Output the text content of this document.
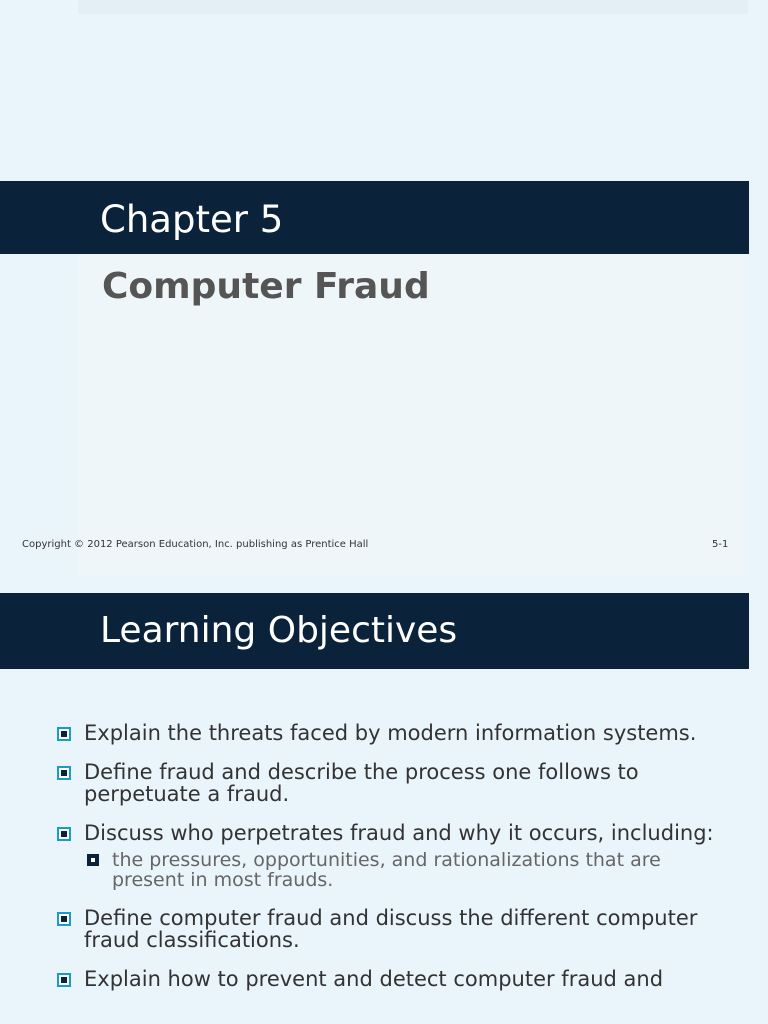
Chapter 5
Computer Fraud
Copyright © 2012 Pearson Education, Inc. publishing as Prentice Hall	5-1
Learning Objectives
Explain the threats faced by modern information systems.
Define fraud and describe the process one follows to perpetuate a fraud.
Discuss who perpetrates fraud and why it occurs, including:
the pressures, opportunities, and rationalizations that are present in most frauds.
Define computer fraud and discuss the different computer fraud classifications.
Explain how to prevent and detect computer fraud and
